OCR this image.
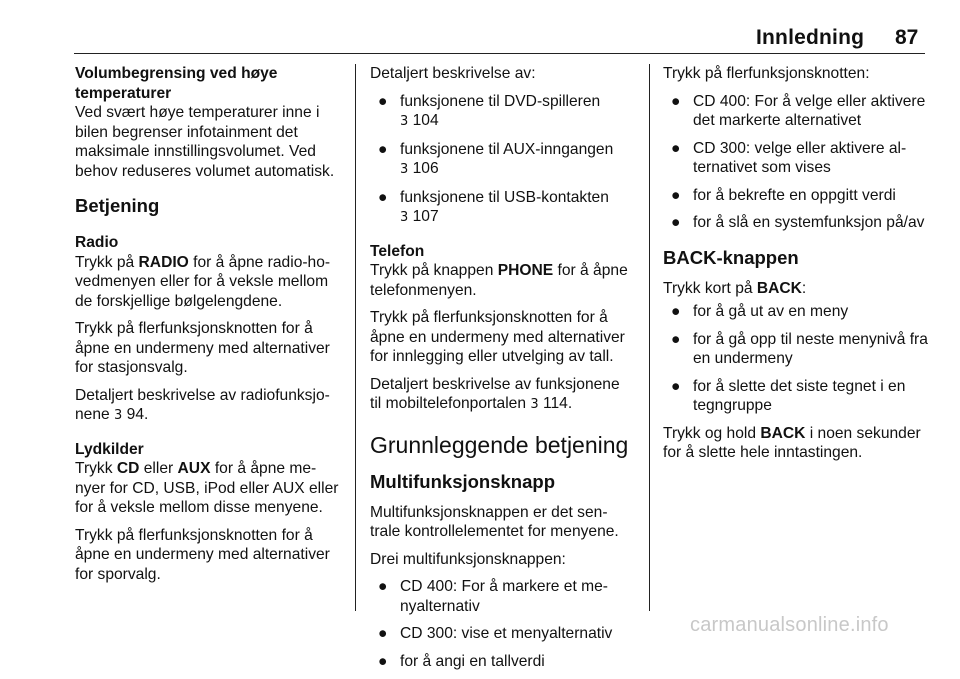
Innledning 87

Volumbegrensing ved høye temperaturer

Ved svært høye temperaturer inne i bilen begrenser infotainment det maksimale innstillingsvolumet. Ved behov reduseres volumet automatisk.

Betjening

Radio

Trykk på RADIO for å åpne radio-ho-vedmenyen eller for å veksle mellom de forskjellige bølgelengdene.

Trykk på flerfunksjonsknotten for å åpne en undermeny med alternativer for stasjonsvalg.

Detaljert beskrivelse av radiofunksjo-nene 3 94.

Lydkilder

Trykk CD eller AUX for å åpne me-nyer for CD, USB, iPod eller AUX eller for å veksle mellom disse menyene.

Trykk på flerfunksjonsknotten for å åpne en undermeny med alternativer for sporvalg.

Detaljert beskrivelse av:

● funksjonene til DVD-spilleren
3 104
● funksjonene til AUX-inngangen
3 106
● funksjonene til USB-kontakten
3 107

Telefon

Trykk på knappen PHONE for å åpne telefonmenyen.

Trykk på flerfunksjonsknotten for å åpne en undermeny med alternativer for innlegging eller utvelging av tall.

Detaljert beskrivelse av funksjonene til mobiltelefonportalen 3 114.

Grunnleggende betjening
Multifunksjonsknapp

Multifunksjonsknappen er det sen-trale kontrollelementet for menyene.

Drei multifunksjonsknappen:

● CD 400: For å markere et me-nyalternativ
● CD 300: vise et menyalternativ
● for å angi en tallverdi

Trykk på flerfunksjonsknotten:

● CD 400: For å velge eller aktivere det markerte alternativet
● CD 300: velge eller aktivere al-ternativet som vises
● for å bekrefte en oppgitt verdi
● for å slå en systemfunksjon på/av
BACK-knappen

Trykk kort på BACK:

● for å gå ut av en meny
● for å gå opp til neste menynivå fra en undermeny
● for å slette det siste tegnet i en tegngruppe

Trykk og hold BACK i noen sekunder for å slette hele inntastingen.

carmanualsonline.info
